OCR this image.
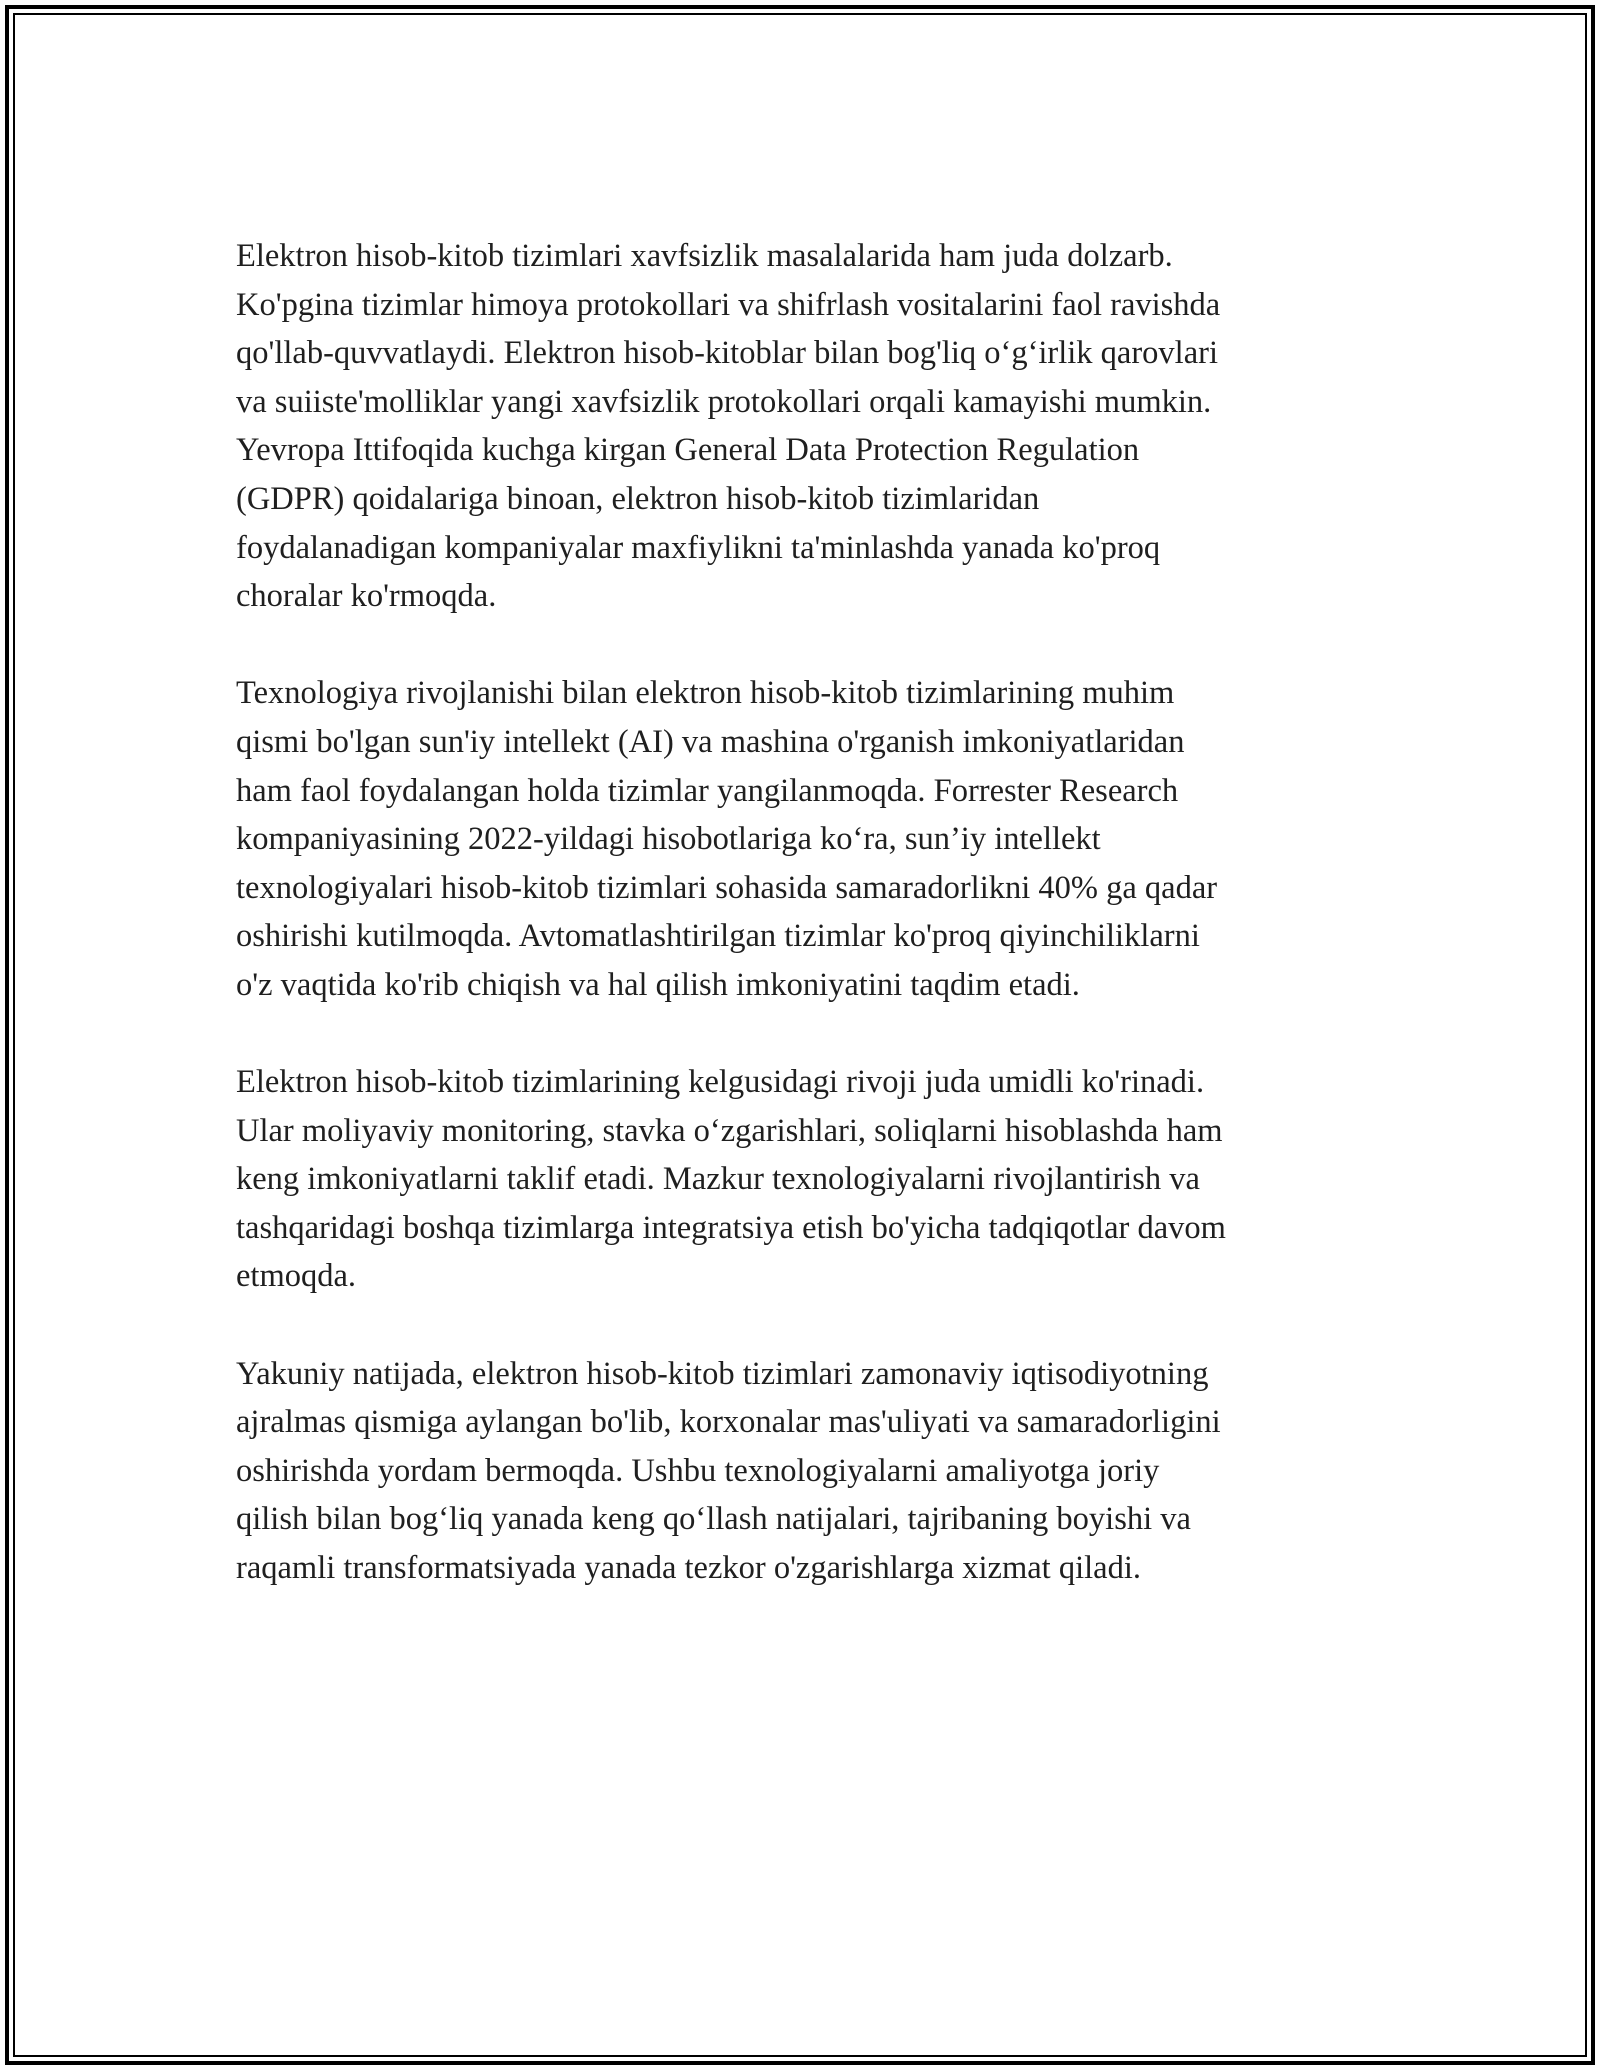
Elektron hisob-kitob tizimlari xavfsizlik masalalarida ham juda dolzarb.
Ko'pgina tizimlar himoya protokollari va shifrlash vositalarini faol ravishda
qo'llab-quvvatlaydi. Elektron hisob-kitoblar bilan bog'liq o‘g‘irlik qarovlari
va suiiste'molliklar yangi xavfsizlik protokollari orqali kamayishi mumkin.
Yevropa Ittifoqida kuchga kirgan General Data Protection Regulation
(GDPR) qoidalariga binoan, elektron hisob-kitob tizimlaridan
foydalanadigan kompaniyalar maxfiylikni ta'minlashda yanada ko'proq
choralar ko'rmoqda.

Texnologiya rivojlanishi bilan elektron hisob-kitob tizimlarining muhim
qismi bo'lgan sun'iy intellekt (AI) va mashina o'rganish imkoniyatlaridan
ham faol foydalangan holda tizimlar yangilanmoqda. Forrester Research
kompaniyasining 2022-yildagi hisobotlariga ko‘ra, sun’iy intellekt
texnologiyalari hisob-kitob tizimlari sohasida samaradorlikni 40% ga qadar
oshirishi kutilmoqda. Avtomatlashtirilgan tizimlar ko'proq qiyinchiliklarni
o'z vaqtida ko'rib chiqish va hal qilish imkoniyatini taqdim etadi.

Elektron hisob-kitob tizimlarining kelgusidagi rivoji juda umidli ko'rinadi.
Ular moliyaviy monitoring, stavka o‘zgarishlari, soliqlarni hisoblashda ham
keng imkoniyatlarni taklif etadi. Mazkur texnologiyalarni rivojlantirish va
tashqaridagi boshqa tizimlarga integratsiya etish bo'yicha tadqiqotlar davom
etmoqda.

Yakuniy natijada, elektron hisob-kitob tizimlari zamonaviy iqtisodiyotning
ajralmas qismiga aylangan bo'lib, korxonalar mas'uliyati va samaradorligini
oshirishda yordam bermoqda. Ushbu texnologiyalarni amaliyotga joriy
qilish bilan bog‘liq yanada keng qo‘llash natijalari, tajribaning boyishi va
raqamli transformatsiyada yanada tezkor o'zgarishlarga xizmat qiladi.
